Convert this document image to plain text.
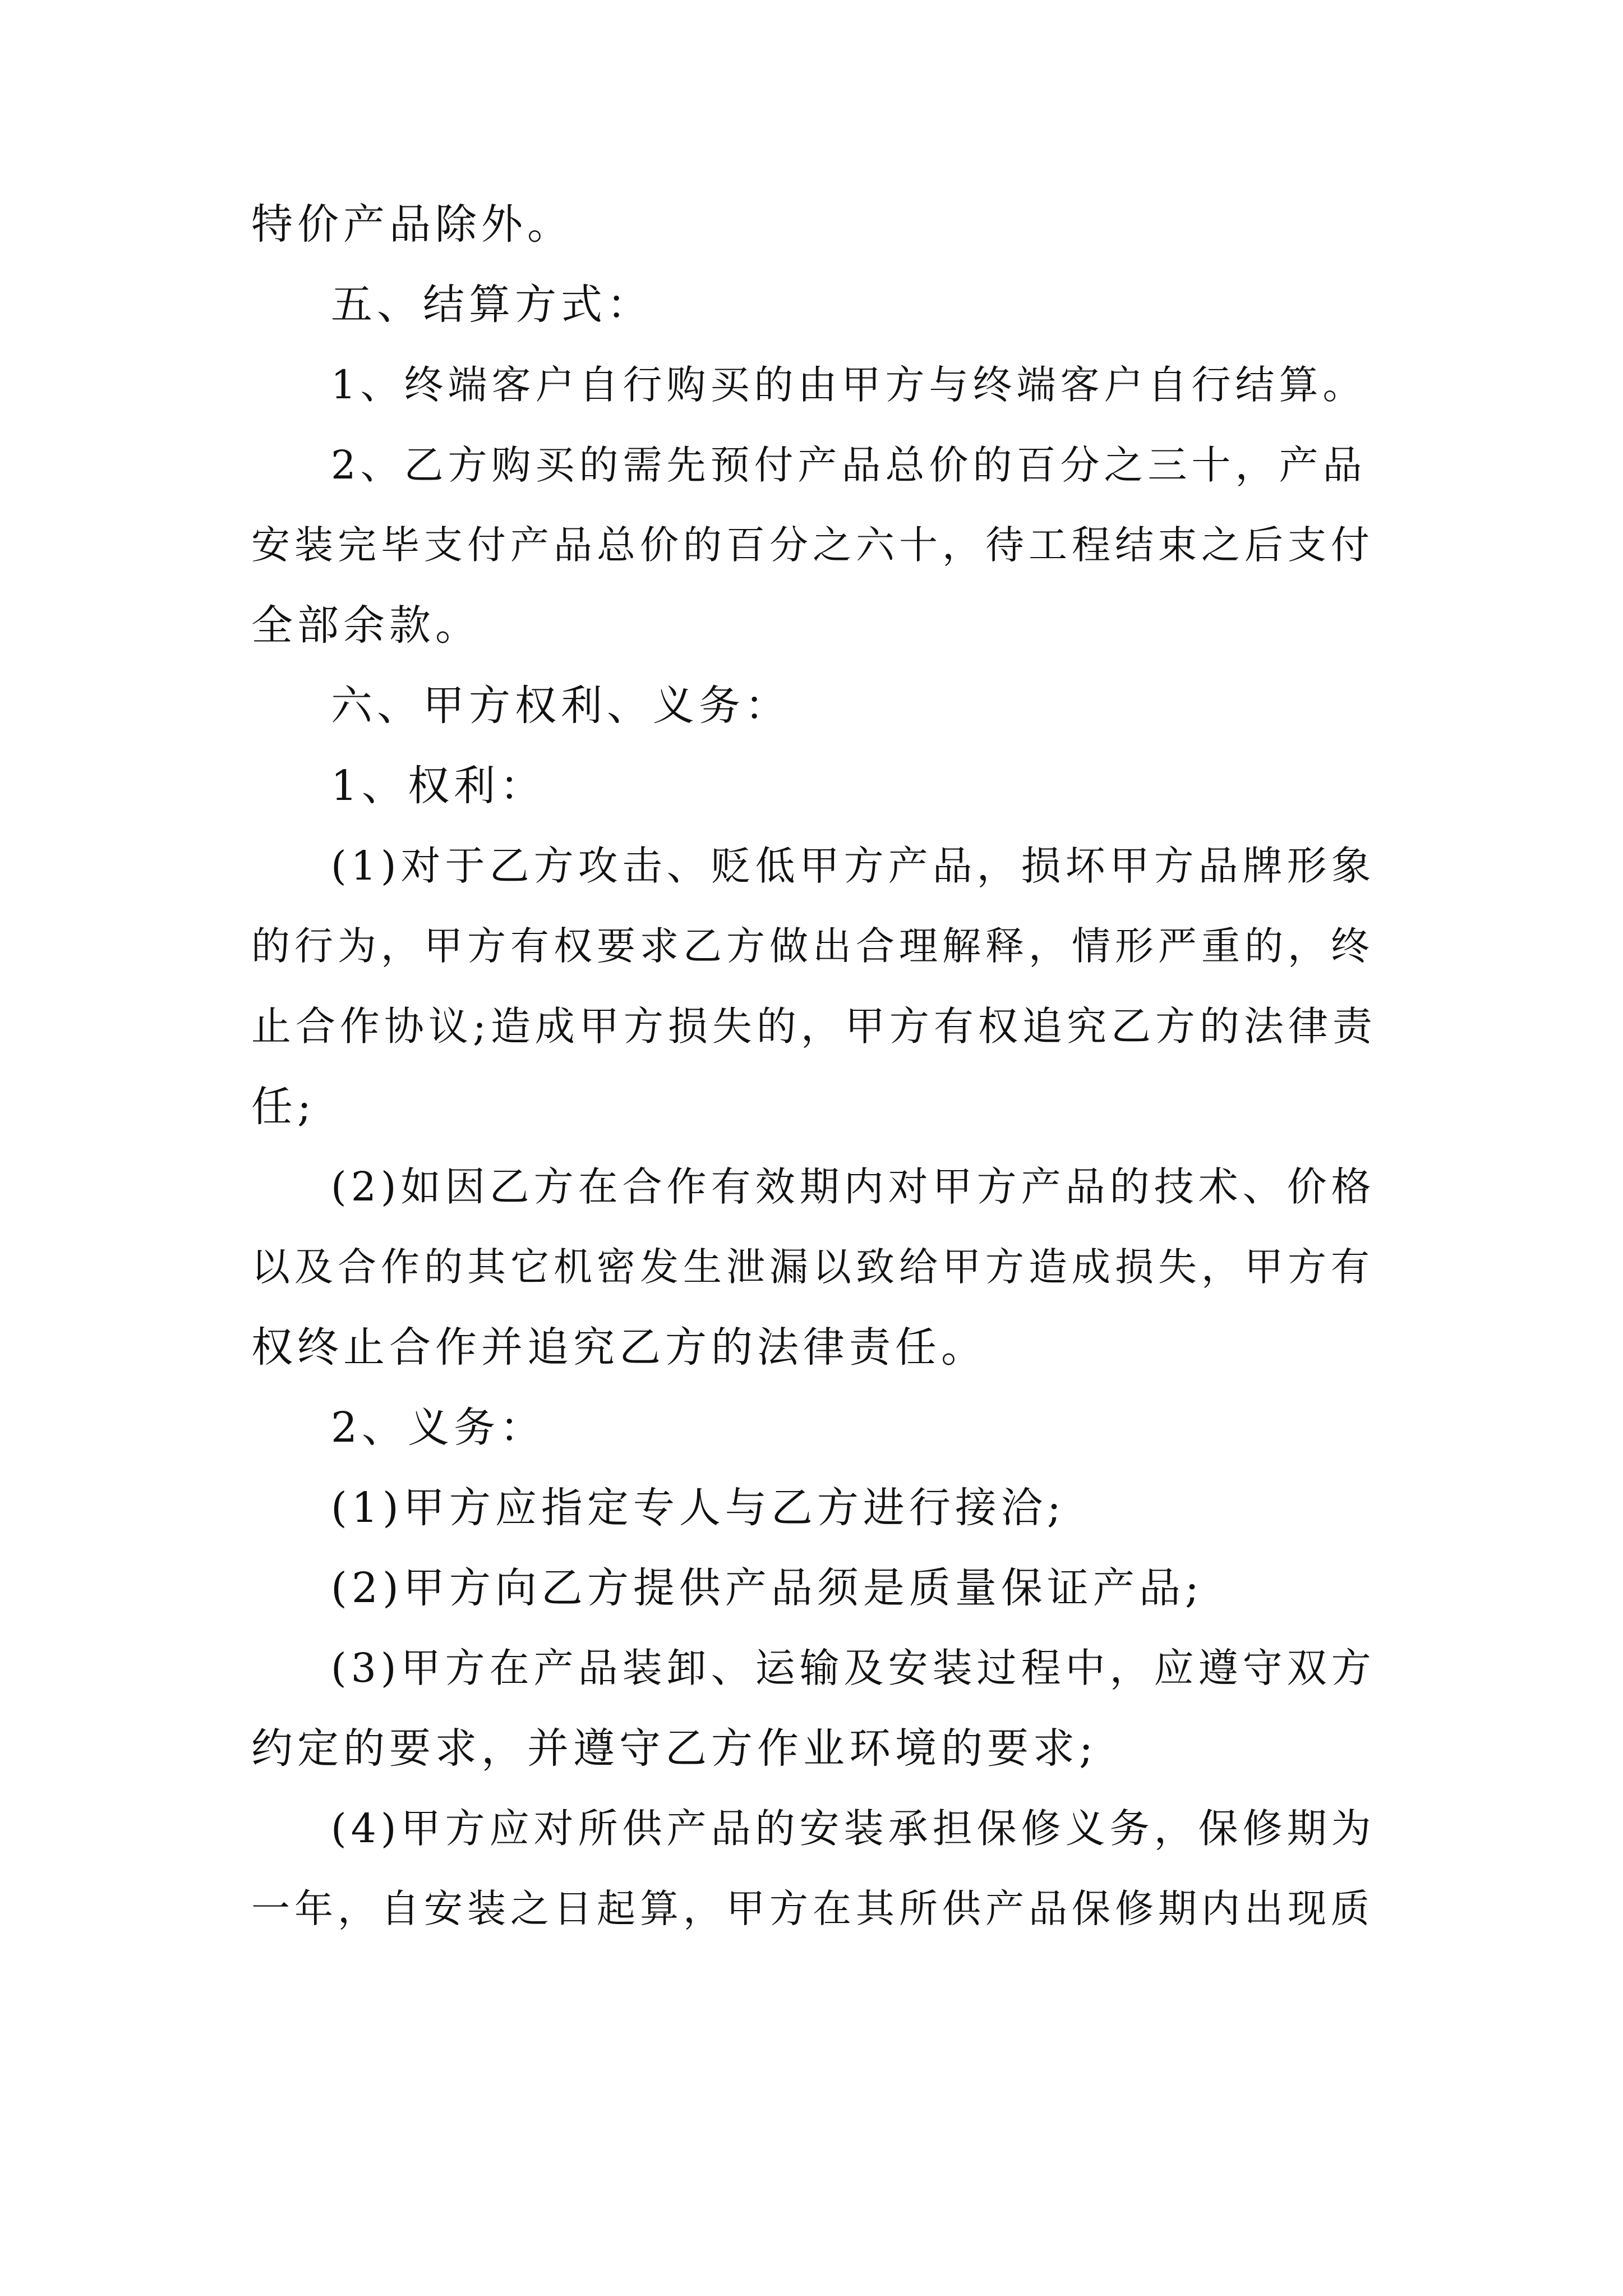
特价产品除外。

五、结算方式：

1、终端客户自行购买的由甲方与终端客户自行结算。

2、乙方购买的需先预付产品总价的百分之三十，产品

安装完毕支付产品总价的百分之六十，待工程结束之后支付

全部余款。

六、甲方权利、义务：

1、权利：

(1)对于乙方攻击、贬低甲方产品，损坏甲方品牌形象

的行为，甲方有权要求乙方做出合理解释，情形严重的，终

止合作协议;造成甲方损失的，甲方有权追究乙方的法律责

任;

(2)如因乙方在合作有效期内对甲方产品的技术、价格

以及合作的其它机密发生泄漏以致给甲方造成损失，甲方有

权终止合作并追究乙方的法律责任。

2、义务：

(1)甲方应指定专人与乙方进行接洽;

(2)甲方向乙方提供产品须是质量保证产品;

(3)甲方在产品装卸、运输及安装过程中，应遵守双方

约定的要求，并遵守乙方作业环境的要求;

(4)甲方应对所供产品的安装承担保修义务，保修期为

一年，自安装之日起算，甲方在其所供产品保修期内出现质
